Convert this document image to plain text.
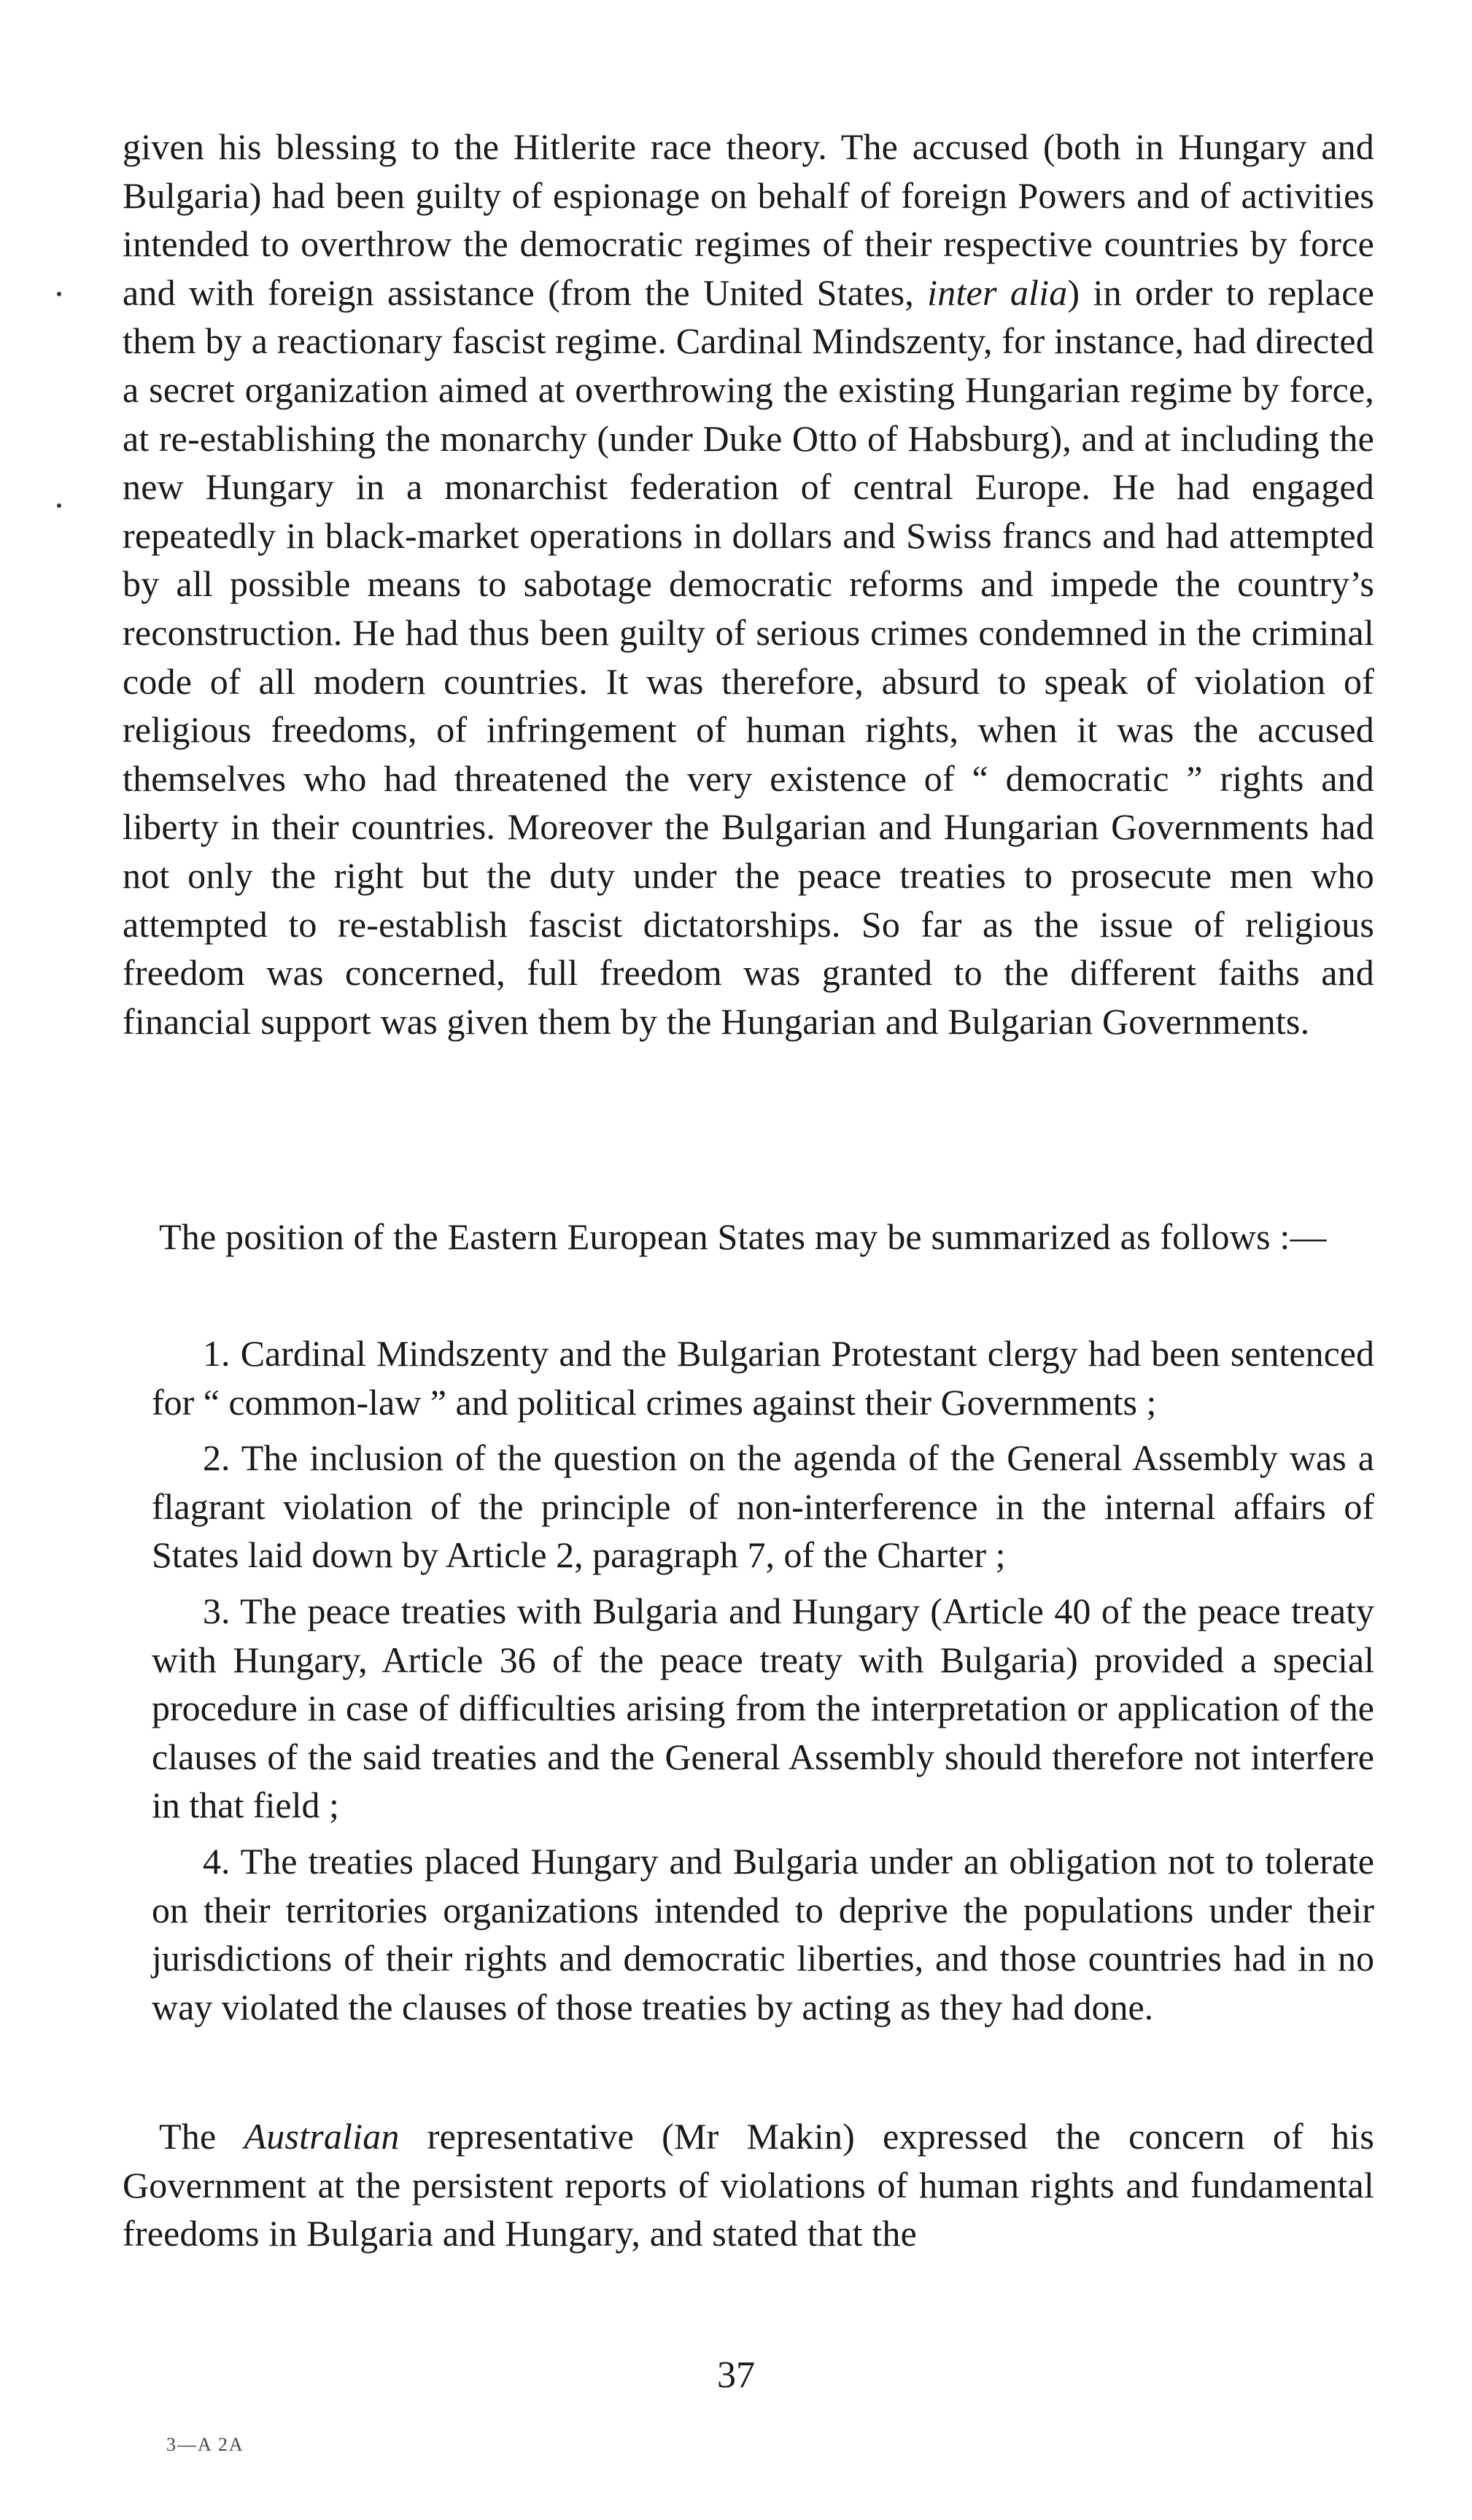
given his blessing to the Hitlerite race theory. The accused (both in Hungary and Bulgaria) had been guilty of espionage on behalf of foreign Powers and of activities intended to overthrow the democratic regimes of their respective countries by force and with foreign assistance (from the United States, inter alia) in order to replace them by a reactionary fascist regime. Cardinal Mindszenty, for instance, had directed a secret organization aimed at overthrowing the existing Hungarian regime by force, at re-establishing the monarchy (under Duke Otto of Habsburg), and at including the new Hungary in a monarchist federation of central Europe. He had engaged repeatedly in black-market operations in dollars and Swiss francs and had attempted by all possible means to sabotage democratic reforms and impede the country’s reconstruction. He had thus been guilty of serious crimes condemned in the criminal code of all modern countries. It was therefore, absurd to speak of violation of religious freedoms, of infringement of human rights, when it was the accused themselves who had threatened the very existence of “ democratic ” rights and liberty in their countries. Moreover the Bulgarian and Hungarian Governments had not only the right but the duty under the peace treaties to prosecute men who attempted to re-establish fascist dictatorships. So far as the issue of religious freedom was concerned, full freedom was granted to the different faiths and financial support was given them by the Hungarian and Bulgarian Governments.

The position of the Eastern European States may be summarized as follows :—

1. Cardinal Mindszenty and the Bulgarian Protestant clergy had been sentenced for “ common-law ” and political crimes against their Governments ;
2. The inclusion of the question on the agenda of the General Assembly was a flagrant violation of the principle of non-interference in the internal affairs of States laid down by Article 2, paragraph 7, of the Charter ;
3. The peace treaties with Bulgaria and Hungary (Article 40 of the peace treaty with Hungary, Article 36 of the peace treaty with Bulgaria) provided a special procedure in case of difficulties arising from the interpretation or application of the clauses of the said treaties and the General Assembly should therefore not interfere in that field ;
4. The treaties placed Hungary and Bulgaria under an obligation not to tolerate on their territories organizations intended to deprive the populations under their jurisdictions of their rights and democratic liberties, and those countries had in no way violated the clauses of those treaties by acting as they had done.

The Australian representative (Mr Makin) expressed the concern of his Government at the persistent reports of violations of human rights and fundamental freedoms in Bulgaria and Hungary, and stated that the

37
3—A 2A
